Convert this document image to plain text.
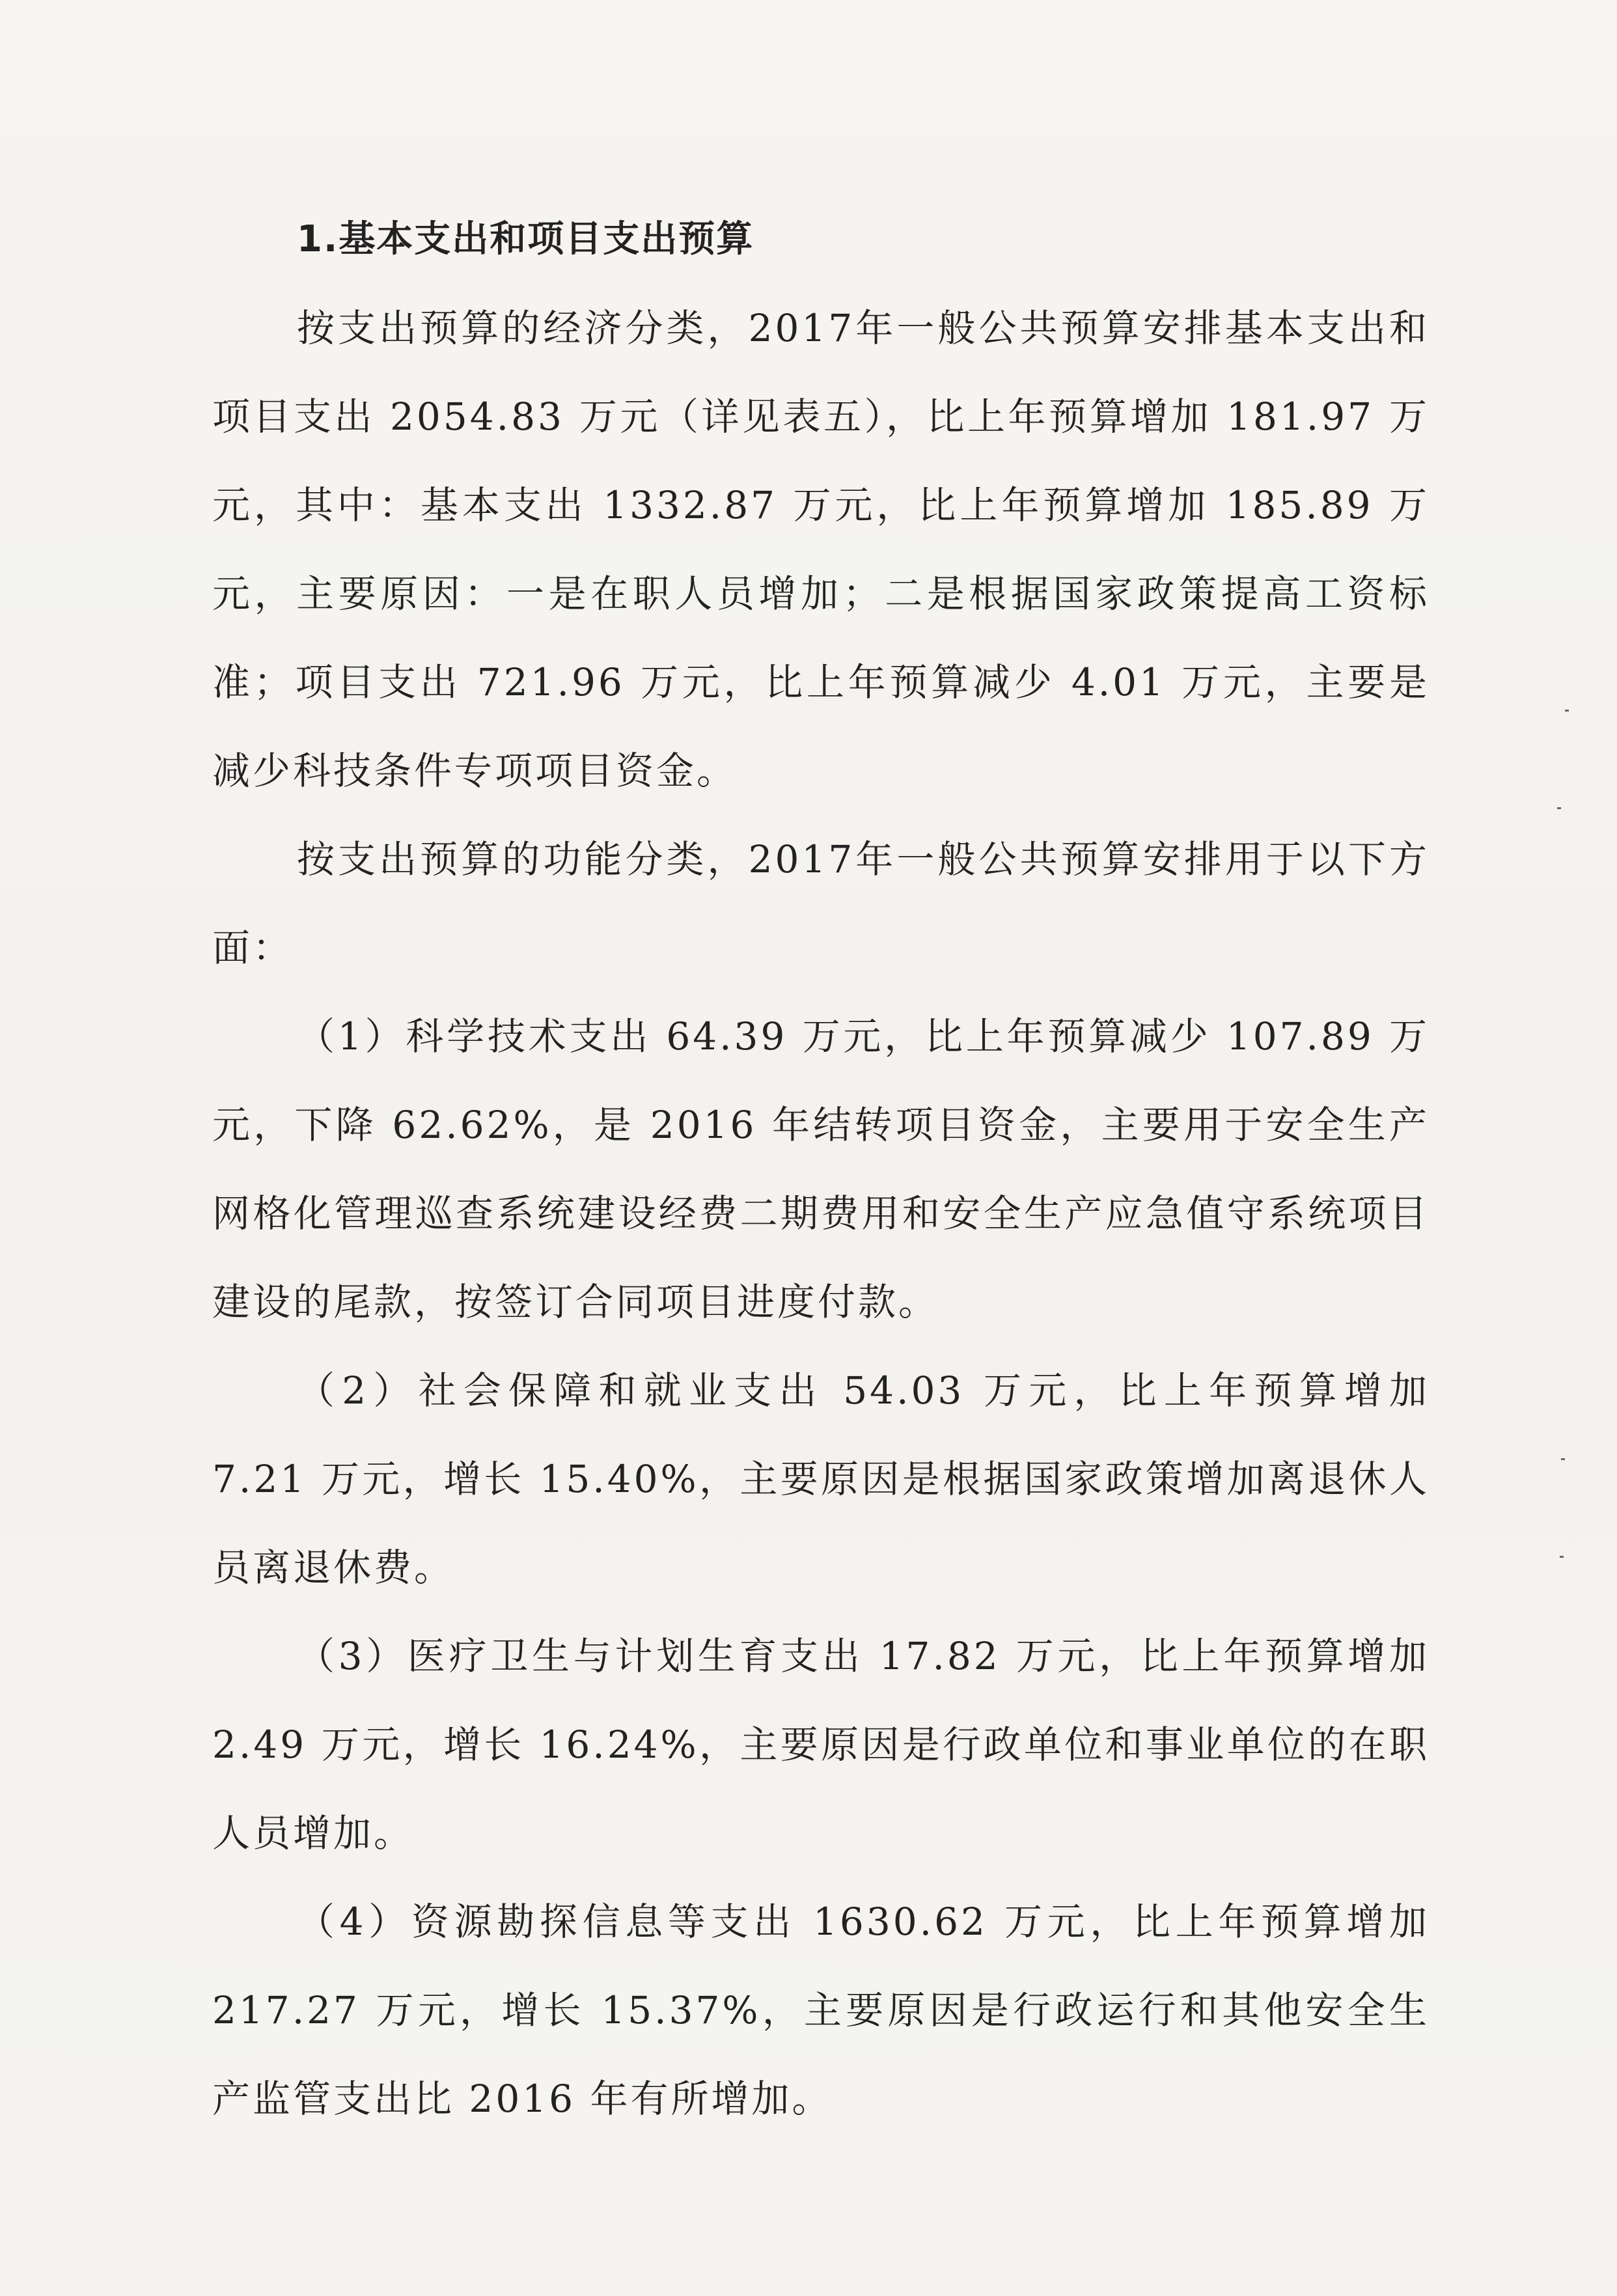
1.基本支出和项目支出预算

按支出预算的经济分类，2017年一般公共预算安排基本支出和项目支出 2054.83 万元（详见表五），比上年预算增加 181.97 万元，其中：基本支出 1332.87 万元，比上年预算增加 185.89 万元，主要原因：一是在职人员增加；二是根据国家政策提高工资标准；项目支出 721.96 万元，比上年预算减少 4.01 万元，主要是减少科技条件专项项目资金。

按支出预算的功能分类，2017年一般公共预算安排用于以下方面：

（1）科学技术支出 64.39 万元，比上年预算减少 107.89 万元，下降 62.62%，是 2016 年结转项目资金，主要用于安全生产网格化管理巡查系统建设经费二期费用和安全生产应急值守系统项目建设的尾款，按签订合同项目进度付款。

（2）社会保障和就业支出 54.03 万元，比上年预算增加 7.21 万元，增长 15.40%，主要原因是根据国家政策增加离退休人员离退休费。

（3）医疗卫生与计划生育支出 17.82 万元，比上年预算增加 2.49 万元，增长 16.24%，主要原因是行政单位和事业单位的在职人员增加。

（4）资源勘探信息等支出 1630.62 万元，比上年预算增加 217.27 万元，增长 15.37%，主要原因是行政运行和其他安全生产监管支出比 2016 年有所增加。
